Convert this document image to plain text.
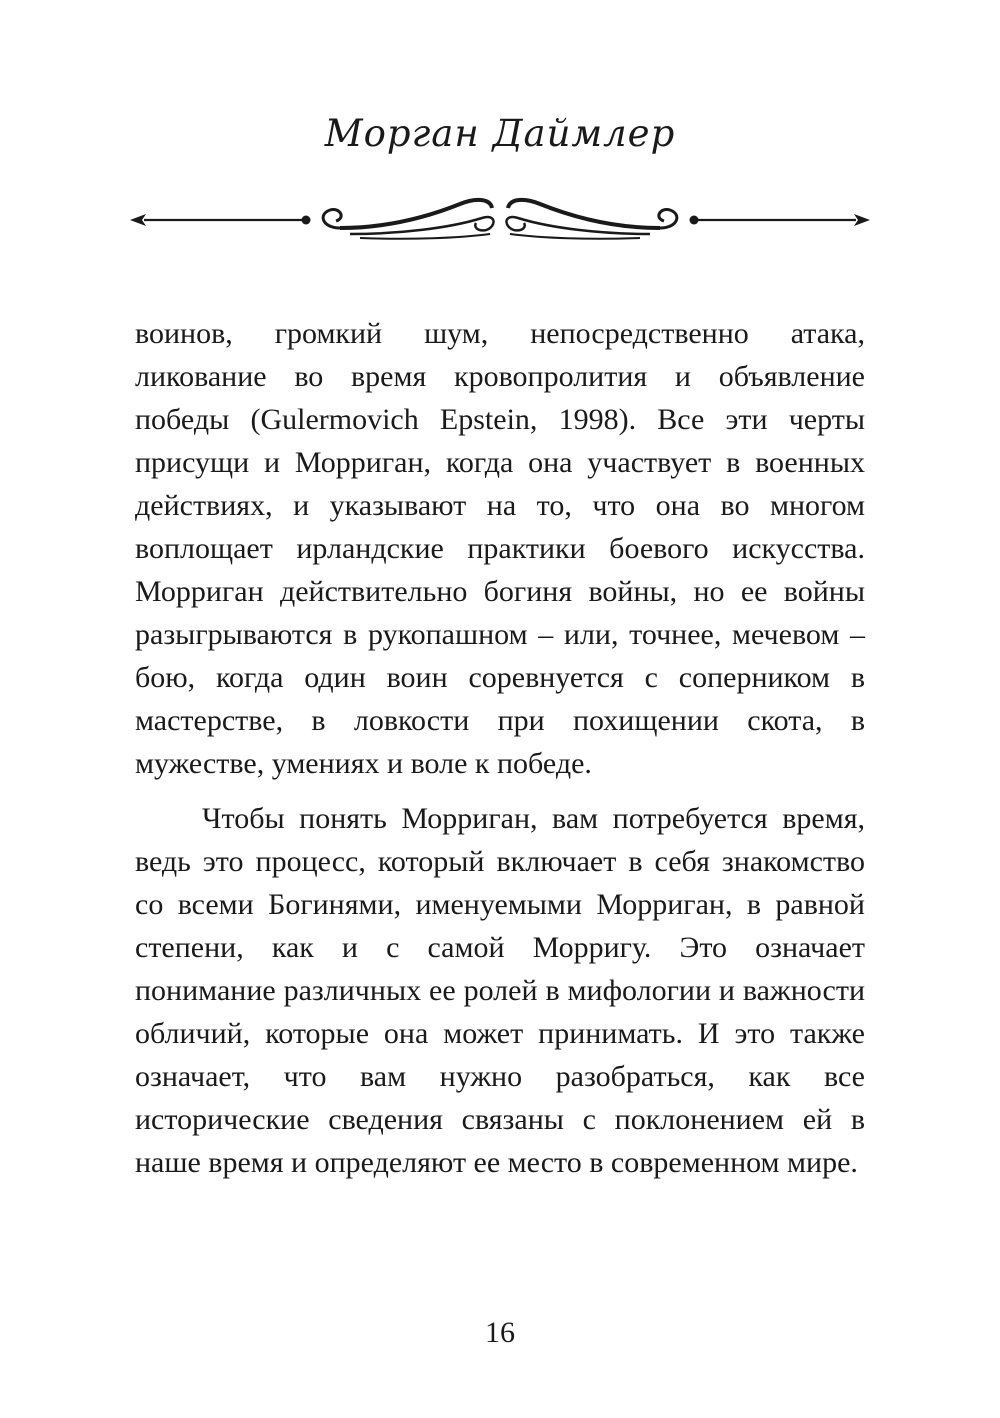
Морган Даймлер

воинов, громкий шум, непосредственно атака, ликование во время кровопролития и объявление победы (Gulermovich Epstein, 1998). Все эти черты присущи и Морриган, когда она участвует в военных действиях, и указывают на то, что она во многом воплощает ирландские практики боевого искусства. Морриган действительно богиня войны, но ее войны разыгрываются в рукопашном – или, точнее, мечевом – бою, когда один воин соревнуется с соперником в мастерстве, в ловкости при похищении скота, в мужестве, умениях и воле к победе.

Чтобы понять Морриган, вам потребуется время, ведь это процесс, который включает в себя знакомство со всеми Богинями, именуемыми Морриган, в равной степени, как и с самой Морригу. Это означает понимание различных ее ролей в мифологии и важности обличий, которые она может принимать. И это также означает, что вам нужно разобраться, как все исторические сведения связаны с поклонением ей в наше время и определяют ее место в современном мире.

16
